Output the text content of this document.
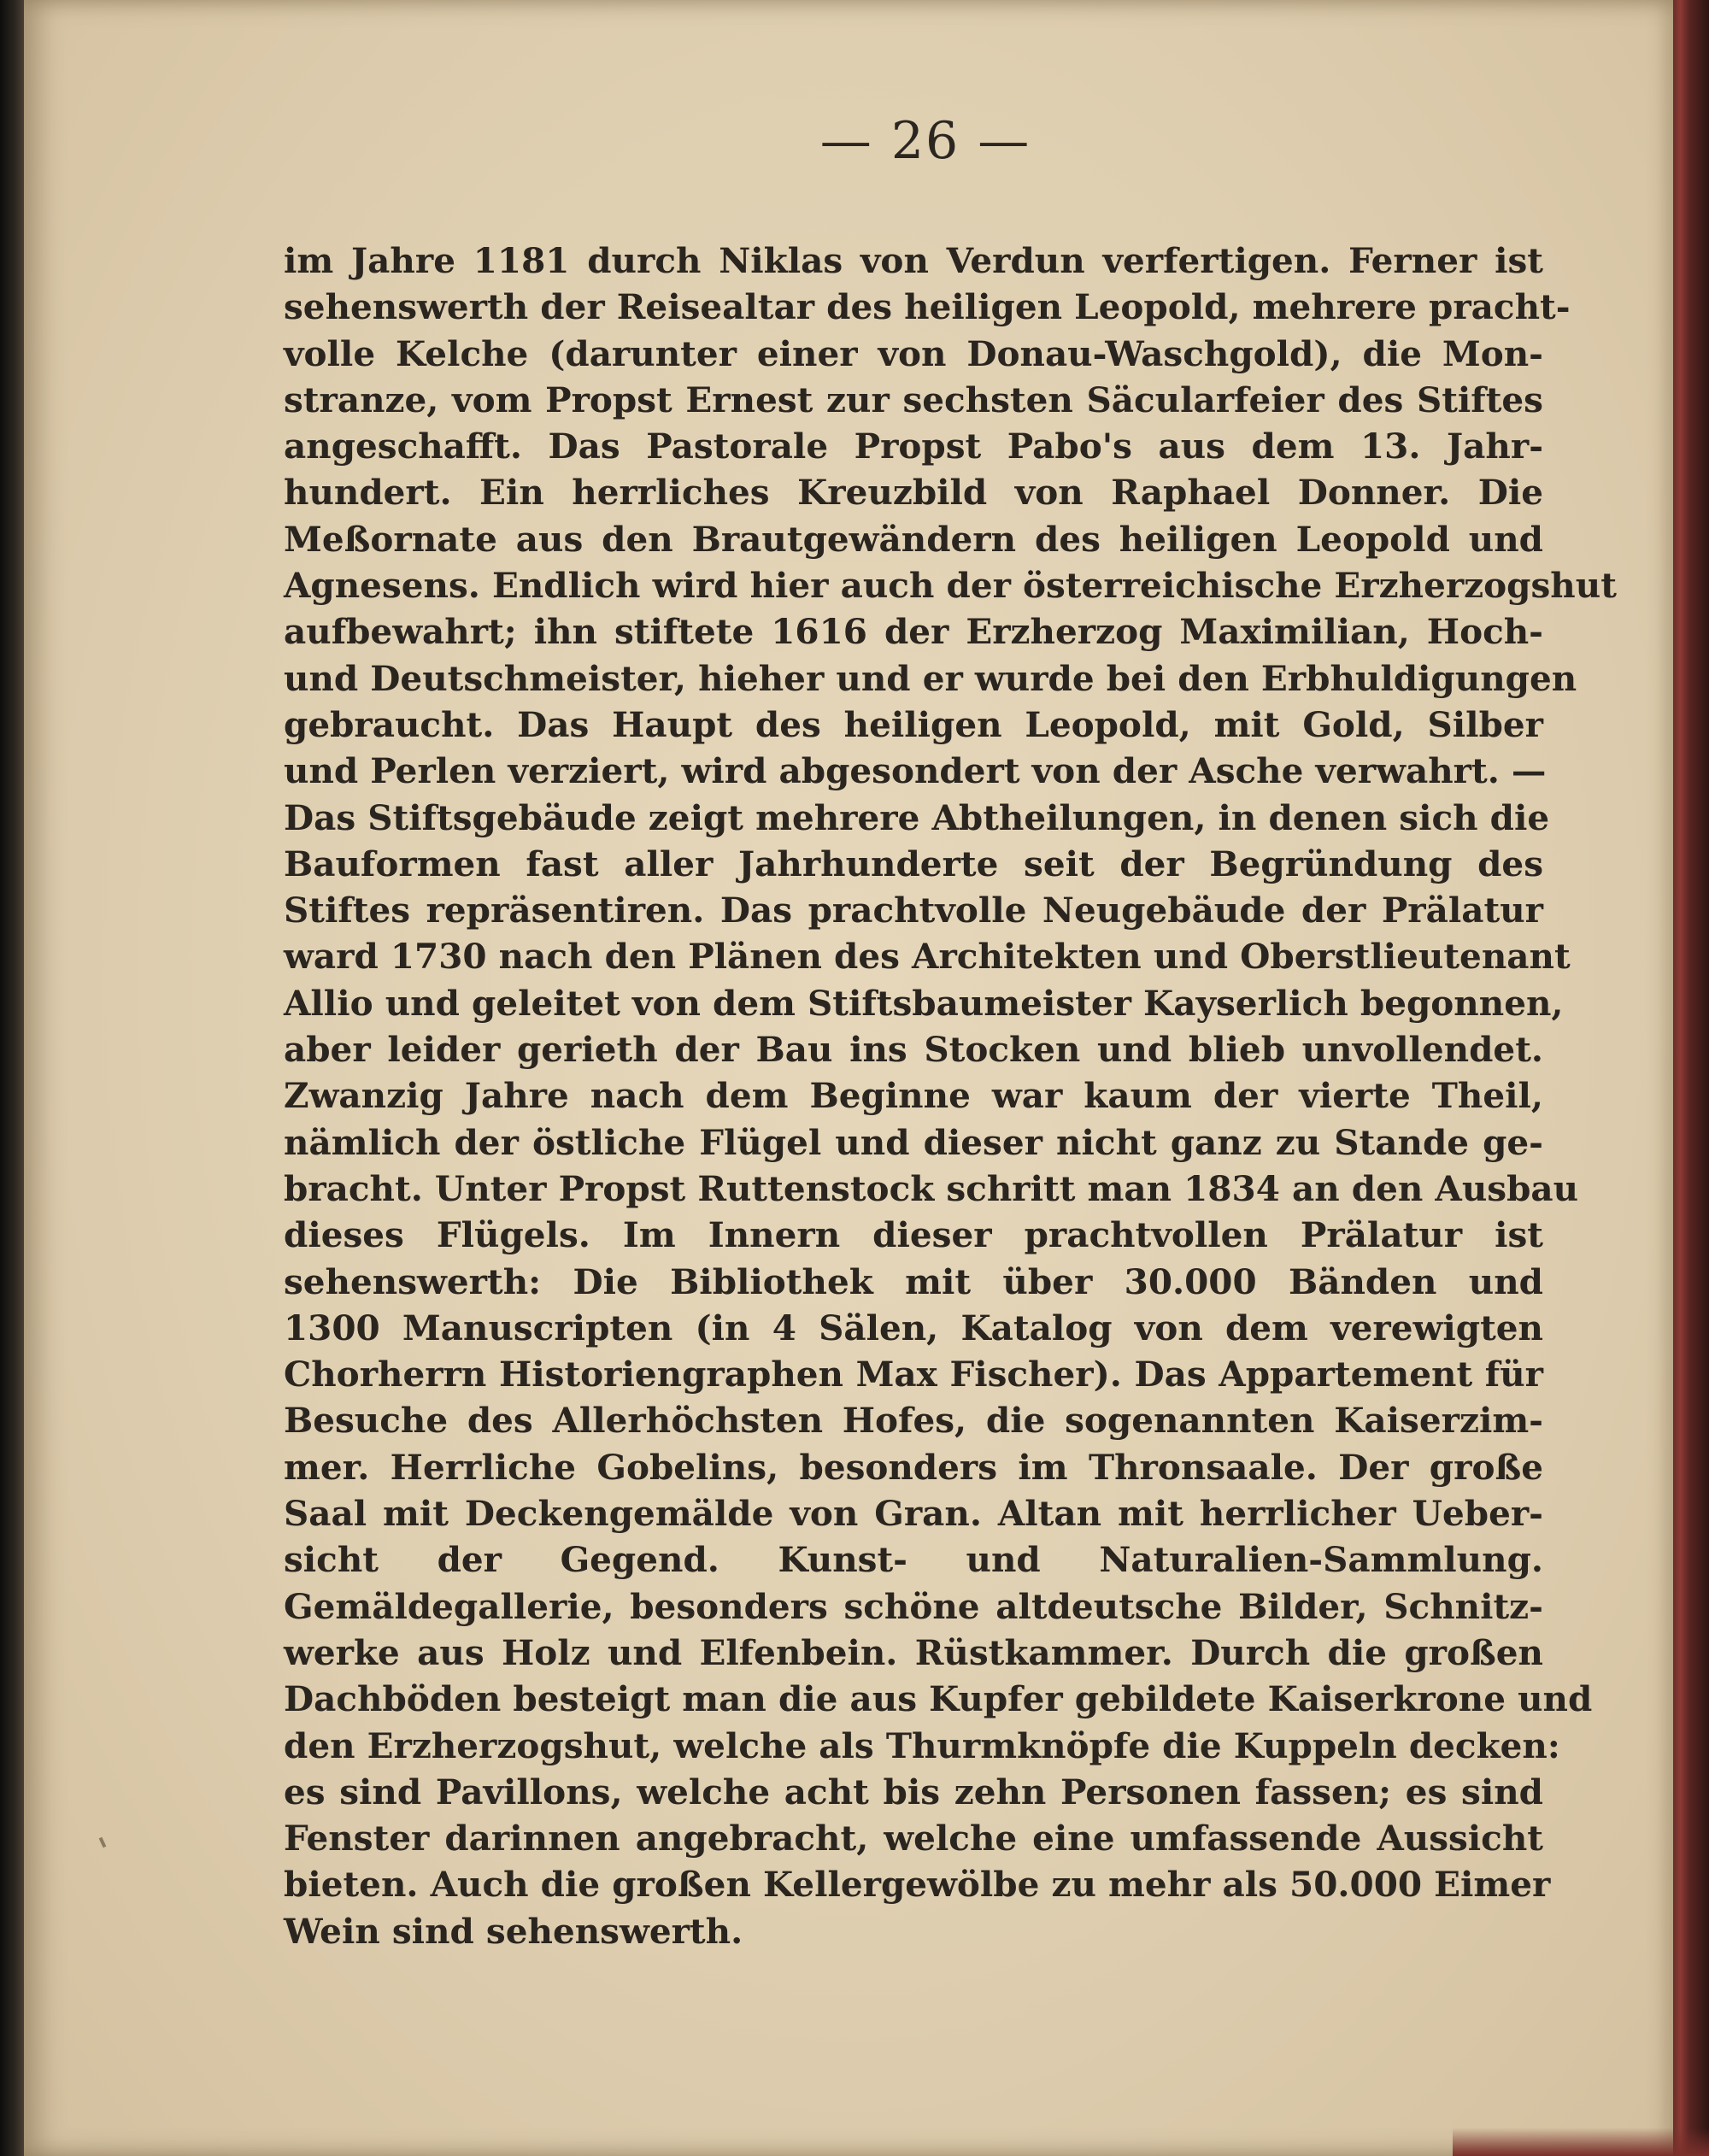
— 26 —
im Jahre 1181 durch Niklas von Verdun verfertigen. Ferner ist
sehenswerth der Reisealtar des heiligen Leopold, mehrere pracht-
volle Kelche (darunter einer von Donau-Waschgold), die Mon-
stranze, vom Propst Ernest zur sechsten Säcularfeier des Stiftes
angeschafft. Das Pastorale Propst Pabo's aus dem 13. Jahr-
hundert. Ein herrliches Kreuzbild von Raphael Donner. Die
Meßornate aus den Brautgewändern des heiligen Leopold und
Agnesens. Endlich wird hier auch der österreichische Erzherzogshut
aufbewahrt; ihn stiftete 1616 der Erzherzog Maximilian, Hoch-
und Deutschmeister, hieher und er wurde bei den Erbhuldigungen
gebraucht. Das Haupt des heiligen Leopold, mit Gold, Silber
und Perlen verziert, wird abgesondert von der Asche verwahrt. —
Das Stiftsgebäude zeigt mehrere Abtheilungen, in denen sich die
Bauformen fast aller Jahrhunderte seit der Begründung des
Stiftes repräsentiren. Das prachtvolle Neugebäude der Prälatur
ward 1730 nach den Plänen des Architekten und Oberstlieutenant
Allio und geleitet von dem Stiftsbaumeister Kayserlich begonnen,
aber leider gerieth der Bau ins Stocken und blieb unvollendet.
Zwanzig Jahre nach dem Beginne war kaum der vierte Theil,
nämlich der östliche Flügel und dieser nicht ganz zu Stande ge-
bracht. Unter Propst Ruttenstock schritt man 1834 an den Ausbau
dieses Flügels. Im Innern dieser prachtvollen Prälatur ist
sehenswerth: Die Bibliothek mit über 30.000 Bänden und
1300 Manuscripten (in 4 Sälen, Katalog von dem verewigten
Chorherrn Historiengraphen Max Fischer). Das Appartement für
Besuche des Allerhöchsten Hofes, die sogenannten Kaiserzim-
mer. Herrliche Gobelins, besonders im Thronsaale. Der große
Saal mit Deckengemälde von Gran. Altan mit herrlicher Ueber-
sicht der Gegend. Kunst- und Naturalien-Sammlung.
Gemäldegallerie, besonders schöne altdeutsche Bilder, Schnitz-
werke aus Holz und Elfenbein. Rüstkammer. Durch die großen
Dachböden besteigt man die aus Kupfer gebildete Kaiserkrone und
den Erzherzogshut, welche als Thurmknöpfe die Kuppeln decken:
es sind Pavillons, welche acht bis zehn Personen fassen; es sind
Fenster darinnen angebracht, welche eine umfassende Aussicht
bieten. Auch die großen Kellergewölbe zu mehr als 50.000 Eimer
Wein sind sehenswerth.
